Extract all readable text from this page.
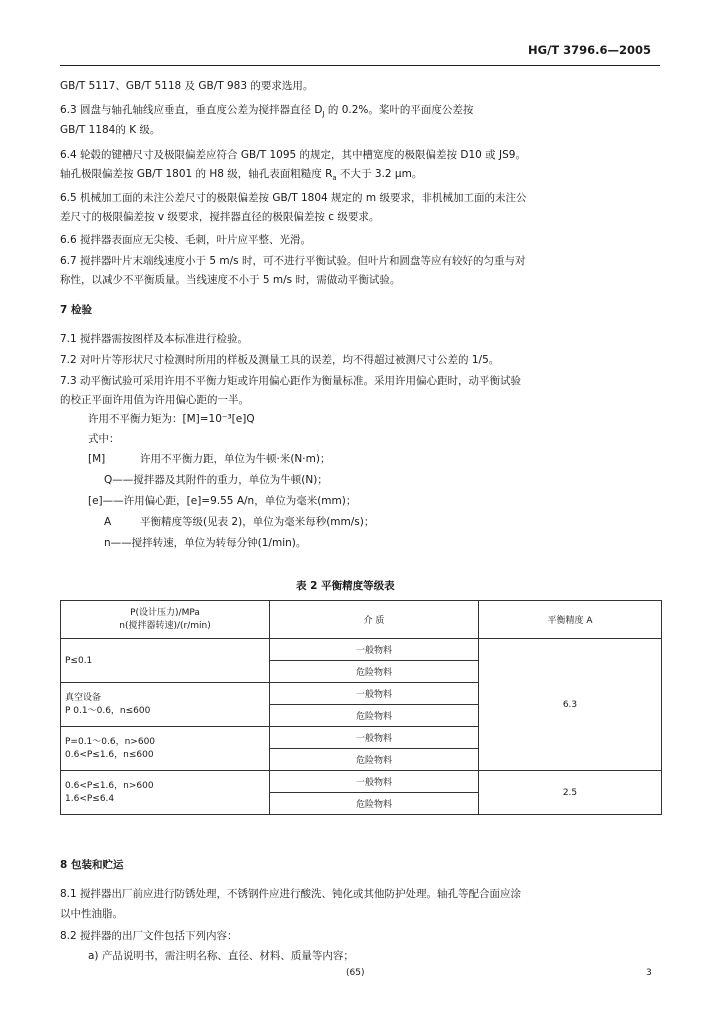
HG/T 3796.6—2005
GB/T 5117、GB/T 5118 及 GB/T 983 的要求选用。
6.3 圆盘与轴孔轴线应垂直，垂直度公差为搅拌器直径 $D_J$ 的 0.2%。桨叶的平面度公差按
GB/T 1184的 K 级。
6.4 轮毂的键槽尺寸及极限偏差应符合 GB/T 1095 的规定，其中槽宽度的极限偏差按 D10 或 JS9。
轴孔极限偏差按 GB/T 1801 的 H8 级，轴孔表面粗糙度 $R_a$ 不大于 3.2 μm。
6.5 机械加工面的未注公差尺寸的极限偏差按 GB/T 1804 规定的 m 级要求，非机械加工面的未注公
差尺寸的极限偏差按 v 级要求，搅拌器直径的极限偏差按 c 级要求。
6.6 搅拌器表面应无尖棱、毛刺，叶片应平整、光滑。
6.7 搅拌器叶片末端线速度小于 5 m/s 时，可不进行平衡试验。但叶片和圆盘等应有较好的匀重与对
称性，以减少不平衡质量。当线速度不小于 5 m/s 时，需做动平衡试验。
7 检验
7.1 搅拌器需按图样及本标准进行检验。
7.2 对叶片等形状尺寸检测时所用的样板及测量工具的误差，均不得超过被测尺寸公差的 1/5。
7.3 动平衡试验可采用许用不平衡力矩或许用偏心距作为衡量标准。采用许用偏心距时，动平衡试验
的校正平面许用值为许用偏心距的一半。
许用不平衡力矩为：[M]=10⁻³[e]Q
式中：
[M]	许用不平衡力距，单位为牛顿·米(N·m)；
Q——搅拌器及其附件的重力，单位为牛顿(N)；
[e]——许用偏心距，[e]=9.55 A/n，单位为毫米(mm)；
A	平衡精度等级(见表 2)，单位为毫米每秒(mm/s)；
n——搅拌转速，单位为转每分钟(1/min)。
表 2 平衡精度等级表
P(设计压力)/MPa
n(搅拌器转速)/(r/min)	介 质	平衡精度 A
P≤0.1	一般物料	6.3
	危险物料	

真空设备
P 0.1～0.6，n≤600	一般物料	
	危险物料	

P=0.1～0.6，n>600
0.6<P≤1.6，n≤600	一般物料	
	危险物料	

0.6<P≤1.6，n>600
1.6<P≤6.4	一般物料	2.5
	危险物料	
8 包装和贮运
8.1 搅拌器出厂前应进行防锈处理，不锈钢件应进行酸洗、钝化或其他防护处理。轴孔等配合面应涂
以中性油脂。
8.2 搅拌器的出厂文件包括下列内容：
a) 产品说明书，需注明名称、直径、材料、质量等内容；
(65)	3
